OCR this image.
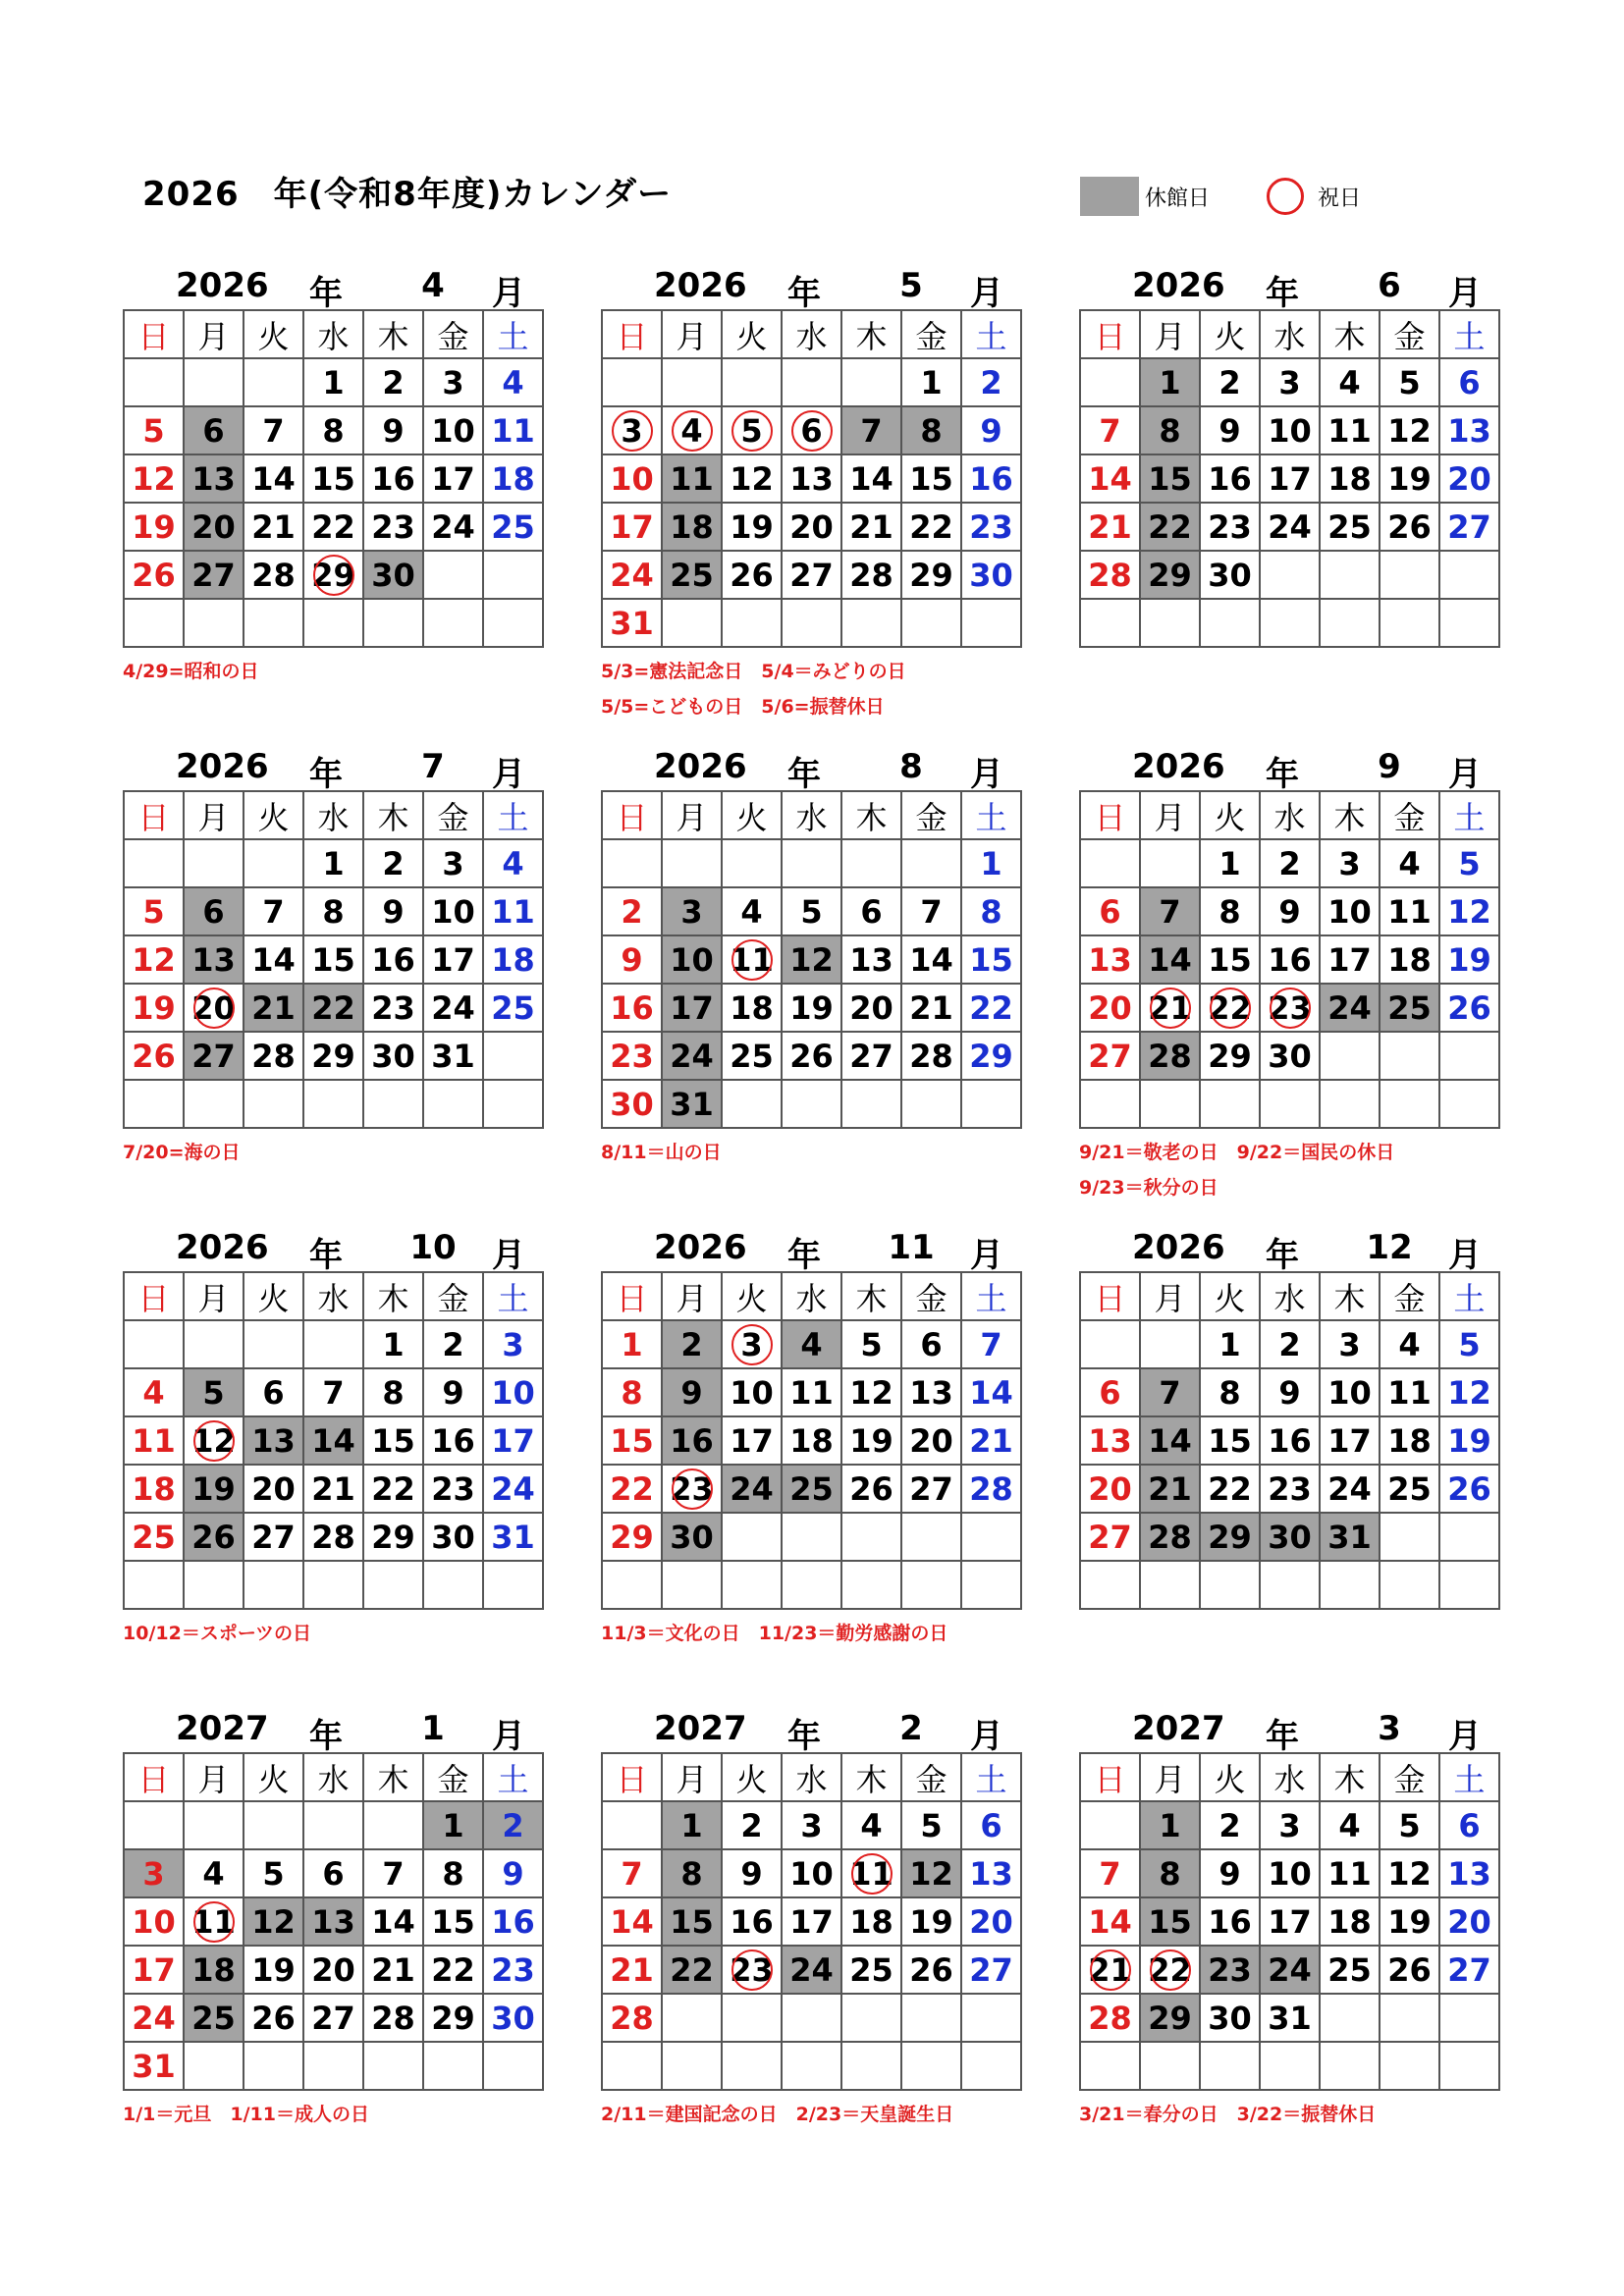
2026　年(令和8年度)カレンダー	休館日	祝日
2026 年	4	月
日	月	火	水	木	金	土
			1	2	3	4
5	6	7	8	9	10	11
12	13	14	15	16	17	18
19	20	21	22	23	24	25
26	27	28	29	30		

4/29=昭和の日
2026 年	5	月
日	月	火	水	木	金	土
					1	2
3	4	5	6	7	8	9
10	11	12	13	14	15	16
17	18	19	20	21	22	23
24	25	26	27	28	29	30
31						
5/3=憲法記念日　5/4＝みどりの日
5/5=こどもの日　5/6=振替休日
2026 年	6	月
日	月	火	水	木	金	土
	1	2	3	4	5	6
7	8	9	10	11	12	13
14	15	16	17	18	19	20
21	22	23	24	25	26	27
28	29	30				

2026 年	7	月
日	月	火	水	木	金	土
			1	2	3	4
5	6	7	8	9	10	11
12	13	14	15	16	17	18
19	20	21	22	23	24	25
26	27	28	29	30	31	

7/20=海の日
2026 年	8	月
日	月	火	水	木	金	土
						1
2	3	4	5	6	7	8
9	10	11	12	13	14	15
16	17	18	19	20	21	22
23	24	25	26	27	28	29
30	31					
8/11＝山の日
2026 年	9	月
日	月	火	水	木	金	土
		1	2	3	4	5
6	7	8	9	10	11	12
13	14	15	16	17	18	19
20	21	22	23	24	25	26
27	28	29	30			

9/21＝敬老の日　9/22＝国民の休日
9/23＝秋分の日
2026 年 10 月
日	月	火	水	木	金	土
				1	2	3
4	5	6	7	8	9	10
11	12	13	14	15	16	17
18	19	20	21	22	23	24
25	26	27	28	29	30	31

10/12＝スポーツの日
2026 年 11 月
日	月	火	水	木	金	土
1	2	3	4	5	6	7
8	9	10	11	12	13	14
15	16	17	18	19	20	21
22	23	24	25	26	27	28
29	30					

11/3＝文化の日　11/23＝勤労感謝の日
2026 年 12 月
日	月	火	水	木	金	土
		1	2	3	4	5
6	7	8	9	10	11	12
13	14	15	16	17	18	19
20	21	22	23	24	25	26
27	28	29	30	31		

2027 年	1	月
日	月	火	水	木	金	土
					1	2
3	4	5	6	7	8	9
10	11	12	13	14	15	16
17	18	19	20	21	22	23
24	25	26	27	28	29	30
31						
1/1＝元旦　1/11＝成人の日
2027 年	2	月
日	月	火	水	木	金	土
	1	2	3	4	5	6
7	8	9	10	11	12	13
14	15	16	17	18	19	20
21	22	23	24	25	26	27
28						

2/11＝建国記念の日　2/23＝天皇誕生日
2027 年	3	月
日	月	火	水	木	金	土
	1	2	3	4	5	6
7	8	9	10	11	12	13
14	15	16	17	18	19	20
21	22	23	24	25	26	27
28	29	30	31			

3/21＝春分の日　3/22＝振替休日
